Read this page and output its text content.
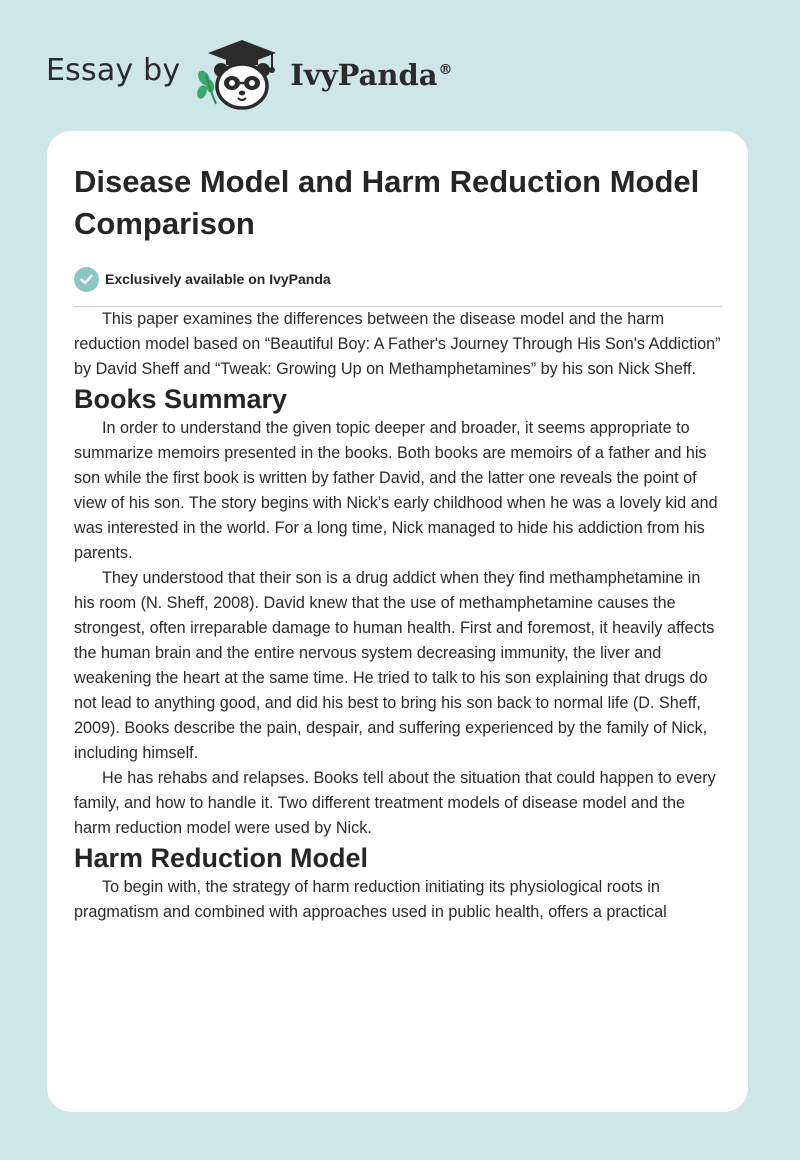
Essay by	IvyPanda®
Disease Model and Harm Reduction Model Comparison
Exclusively available on IvyPanda

This paper examines the differences between the disease model and the harm reduction model based on “Beautiful Boy: A Father's Journey Through His Son's Addiction” by David Sheff and “Tweak: Growing Up on Methamphetamines” by his son Nick Sheff.

Books Summary

In order to understand the given topic deeper and broader, it seems appropriate to summarize memoirs presented in the books. Both books are memoirs of a father and his son while the first book is written by father David, and the latter one reveals the point of view of his son. The story begins with Nick’s early childhood when he was a lovely kid and was interested in the world. For a long time, Nick managed to hide his addiction from his parents.

They understood that their son is a drug addict when they find methamphetamine in his room (N. Sheff, 2008). David knew that the use of methamphetamine causes the strongest, often irreparable damage to human health. First and foremost, it heavily affects the human brain and the entire nervous system decreasing immunity, the liver and weakening the heart at the same time. He tried to talk to his son explaining that drugs do not lead to anything good, and did his best to bring his son back to normal life (D. Sheff, 2009). Books describe the pain, despair, and suffering experienced by the family of Nick, including himself.

He has rehabs and relapses. Books tell about the situation that could happen to every family, and how to handle it. Two different treatment models of disease model and the harm reduction model were used by Nick.

Harm Reduction Model

To begin with, the strategy of harm reduction initiating its physiological roots in pragmatism and combined with approaches used in public health, offers a practical
